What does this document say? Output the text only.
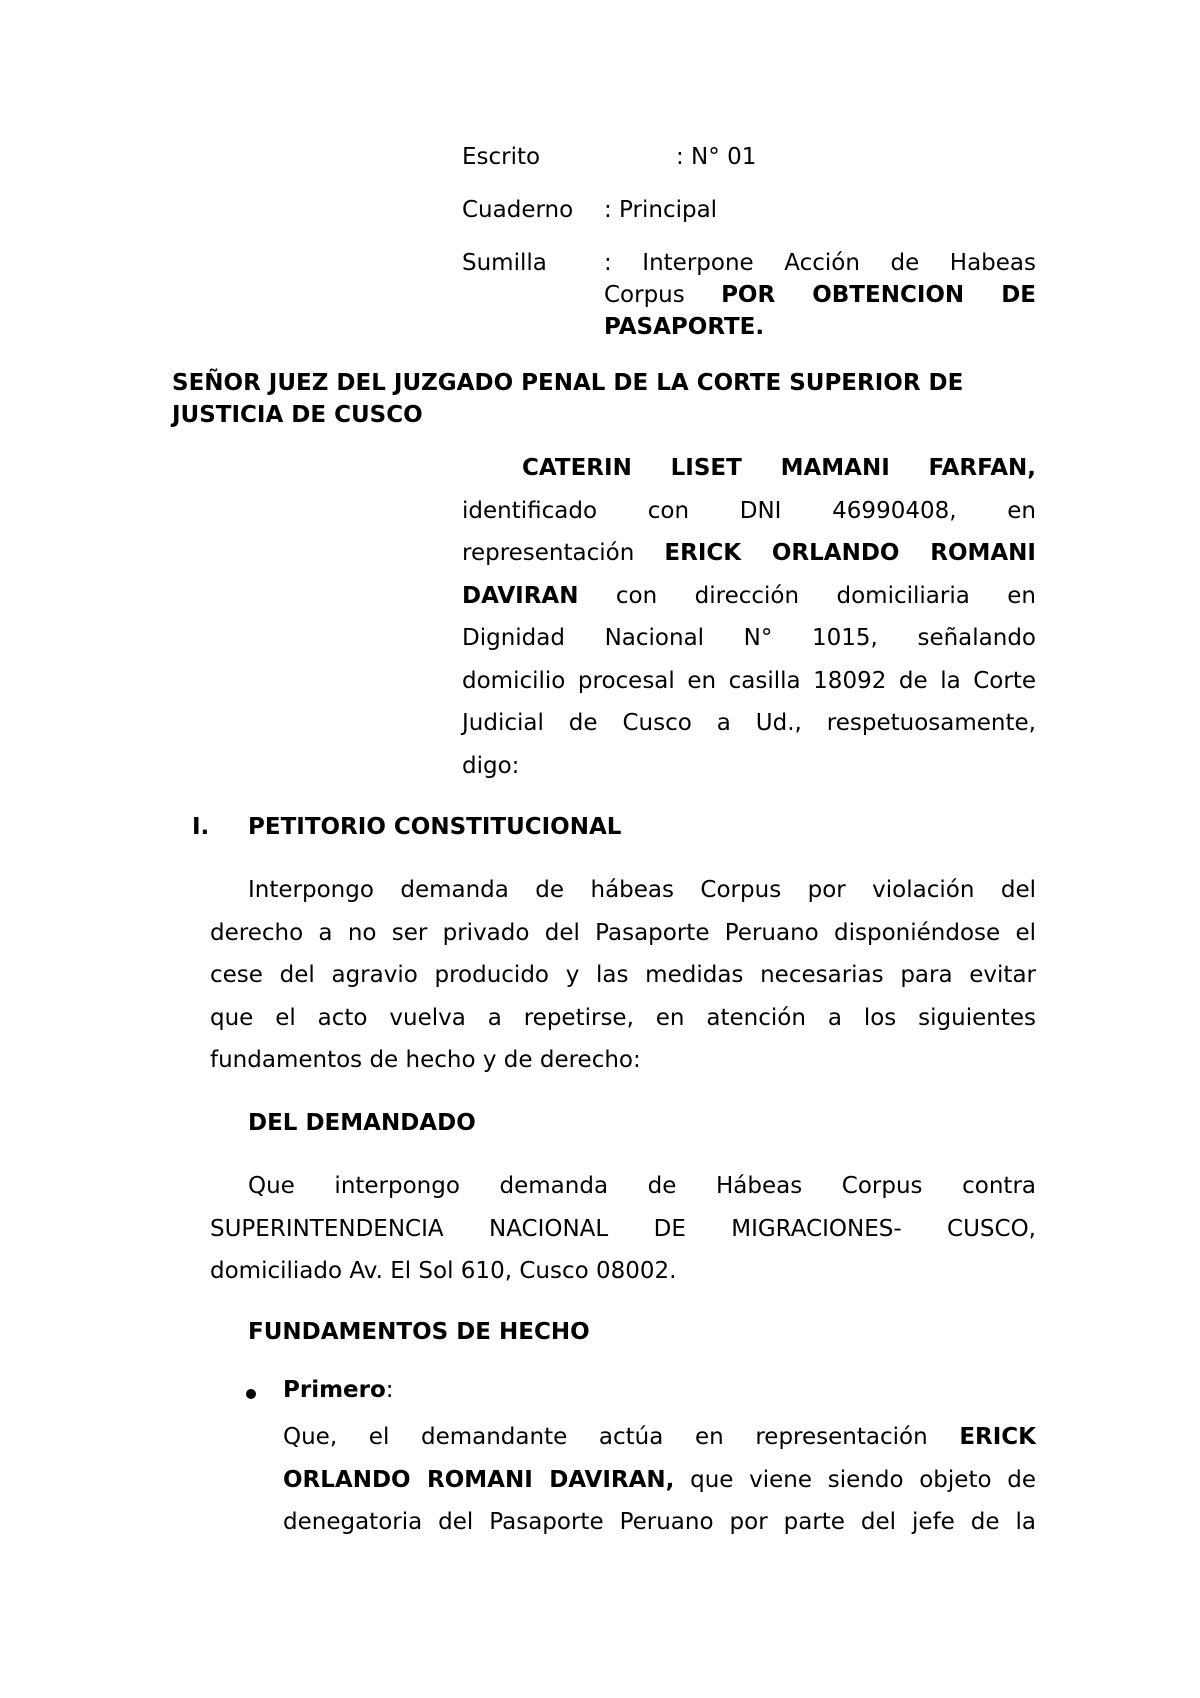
Escrito	: N° 01
Cuaderno : Principal
Sumilla : Interpone Acción de Habeas
Corpus POR OBTENCION DE
PASAPORTE.
SEÑOR JUEZ DEL JUZGADO PENAL DE LA CORTE SUPERIOR DE
JUSTICIA DE CUSCO
CATERIN LISET MAMANI FARFAN,
identificado con DNI 46990408, en
representación ERICK ORLANDO ROMANI
DAVIRAN con dirección domiciliaria en
Dignidad Nacional N° 1015, señalando
domicilio procesal en casilla 18092 de la Corte
Judicial de Cusco a Ud., respetuosamente,
digo:
I. PETITORIO CONSTITUCIONAL
Interpongo demanda de hábeas Corpus por violación del
derecho a no ser privado del Pasaporte Peruano disponiéndose el
cese del agravio producido y las medidas necesarias para evitar
que el acto vuelva a repetirse, en atención a los siguientes
fundamentos de hecho y de derecho:
DEL DEMANDADO
Que interpongo demanda de Hábeas Corpus contra
SUPERINTENDENCIA NACIONAL DE MIGRACIONES- CUSCO,
domiciliado Av. El Sol 610, Cusco 08002.
FUNDAMENTOS DE HECHO
Primero:
Que, el demandante actúa en representación ERICK
ORLANDO ROMANI DAVIRAN, que viene siendo objeto de
denegatoria del Pasaporte Peruano por parte del jefe de la
